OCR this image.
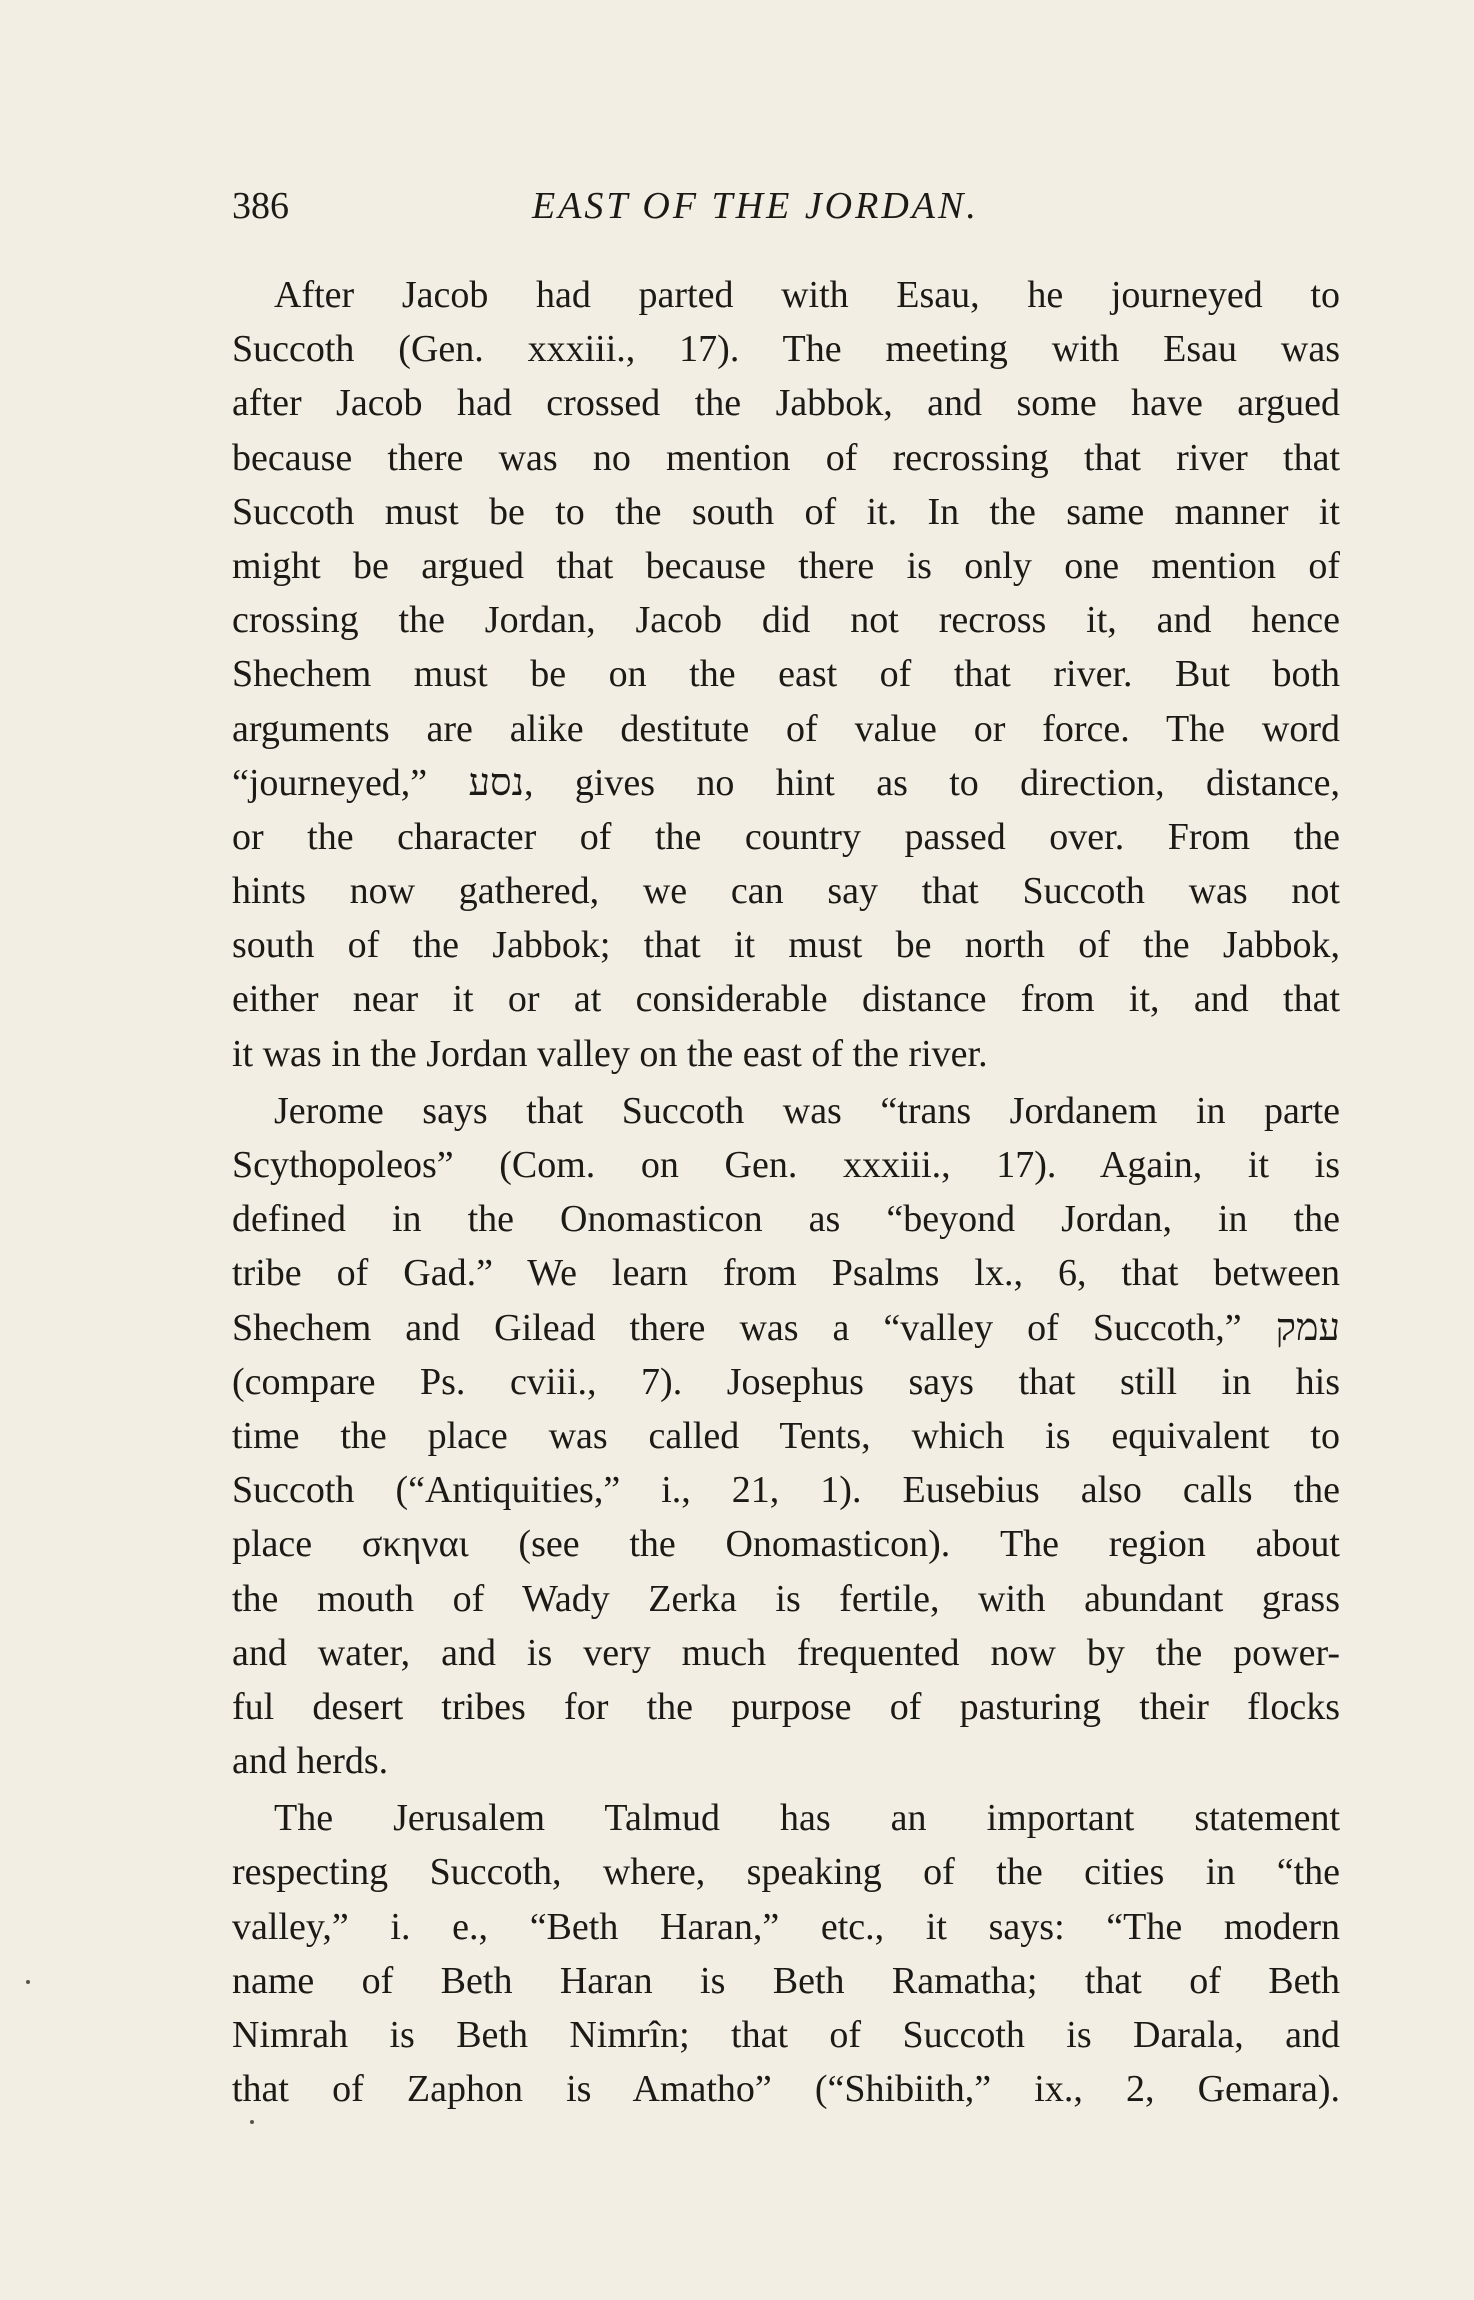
386	EAST OF THE JORDAN.
After Jacob had parted with Esau, he journeyed to
Succoth (Gen. xxxiii., 17). The meeting with Esau was
after Jacob had crossed the Jabbok, and some have argued
because there was no mention of recrossing that river that
Succoth must be to the south of it. In the same manner it
might be argued that because there is only one mention of
crossing the Jordan, Jacob did not recross it, and hence
Shechem must be on the east of that river. But both
arguments are alike destitute of value or force. The word
“journeyed,” נסע, gives no hint as to direction, distance,
or the character of the country passed over. From the
hints now gathered, we can say that Succoth was not
south of the Jabbok; that it must be north of the Jabbok,
either near it or at considerable distance from it, and that
it was in the Jordan valley on the east of the river.
Jerome says that Succoth was “trans Jordanem in parte
Scythopoleos” (Com. on Gen. xxxiii., 17). Again, it is
defined in the Onomasticon as “beyond Jordan, in the
tribe of Gad.” We learn from Psalms lx., 6, that between
Shechem and Gilead there was a “valley of Succoth,” עמק
(compare Ps. cviii., 7). Josephus says that still in his
time the place was called Tents, which is equivalent to
Succoth (“Antiquities,” i., 21, 1). Eusebius also calls the
place σκηναι (see the Onomasticon). The region about
the mouth of Wady Zerka is fertile, with abundant grass
and water, and is very much frequented now by the power-
ful desert tribes for the purpose of pasturing their flocks
and herds.
The Jerusalem Talmud has an important statement
respecting Succoth, where, speaking of the cities in “the
valley,” i. e., “Beth Haran,” etc., it says: “The modern
name of Beth Haran is Beth Ramatha; that of Beth
Nimrah is Beth Nimrîn; that of Succoth is Darala, and
that of Zaphon is Amatho” (“Shibiith,” ix., 2, Gemara).
